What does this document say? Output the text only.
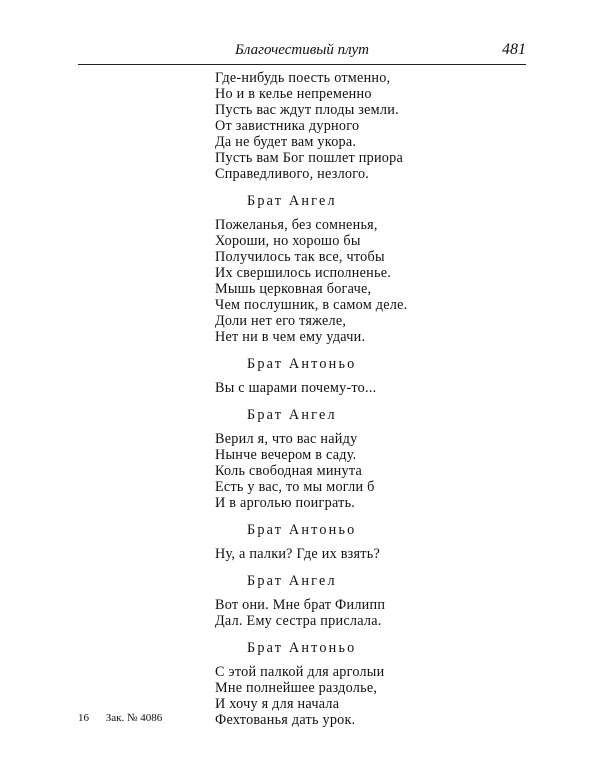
Благочестивый плут	481
Где-нибудь поесть отменно,
Но и в келье непременно
Пусть вас ждут плоды земли.
От завистника дурного
Да не будет вам укора.
Пусть вам Бог пошлет приора
Справедливого, незлого.
Брат Ангел
Пожеланья, без сомненья,
Хороши, но хорошо бы
Получилось так все, чтобы
Их свершилось исполненье.
Мышь церковная богаче,
Чем послушник, в самом деле.
Доли нет его тяжеле,
Нет ни в чем ему удачи.
Брат Антоньо
Вы с шарами почему-то...
Брат Ангел
Верил я, что вас найду
Нынче вечером в саду.
Коль свободная минута
Есть у вас, то мы могли б
И в арголью поиграть.
Брат Антоньо
Ну, а палки? Где их взять?
Брат Ангел
Вот они. Мне брат Филипп
Дал. Ему сестра прислала.
Брат Антоньо
С этой палкой для арголыи
Мне полнейшее раздолье,
И хочу я для начала
Фехтованья дать урок.
16 Зак. № 4086
